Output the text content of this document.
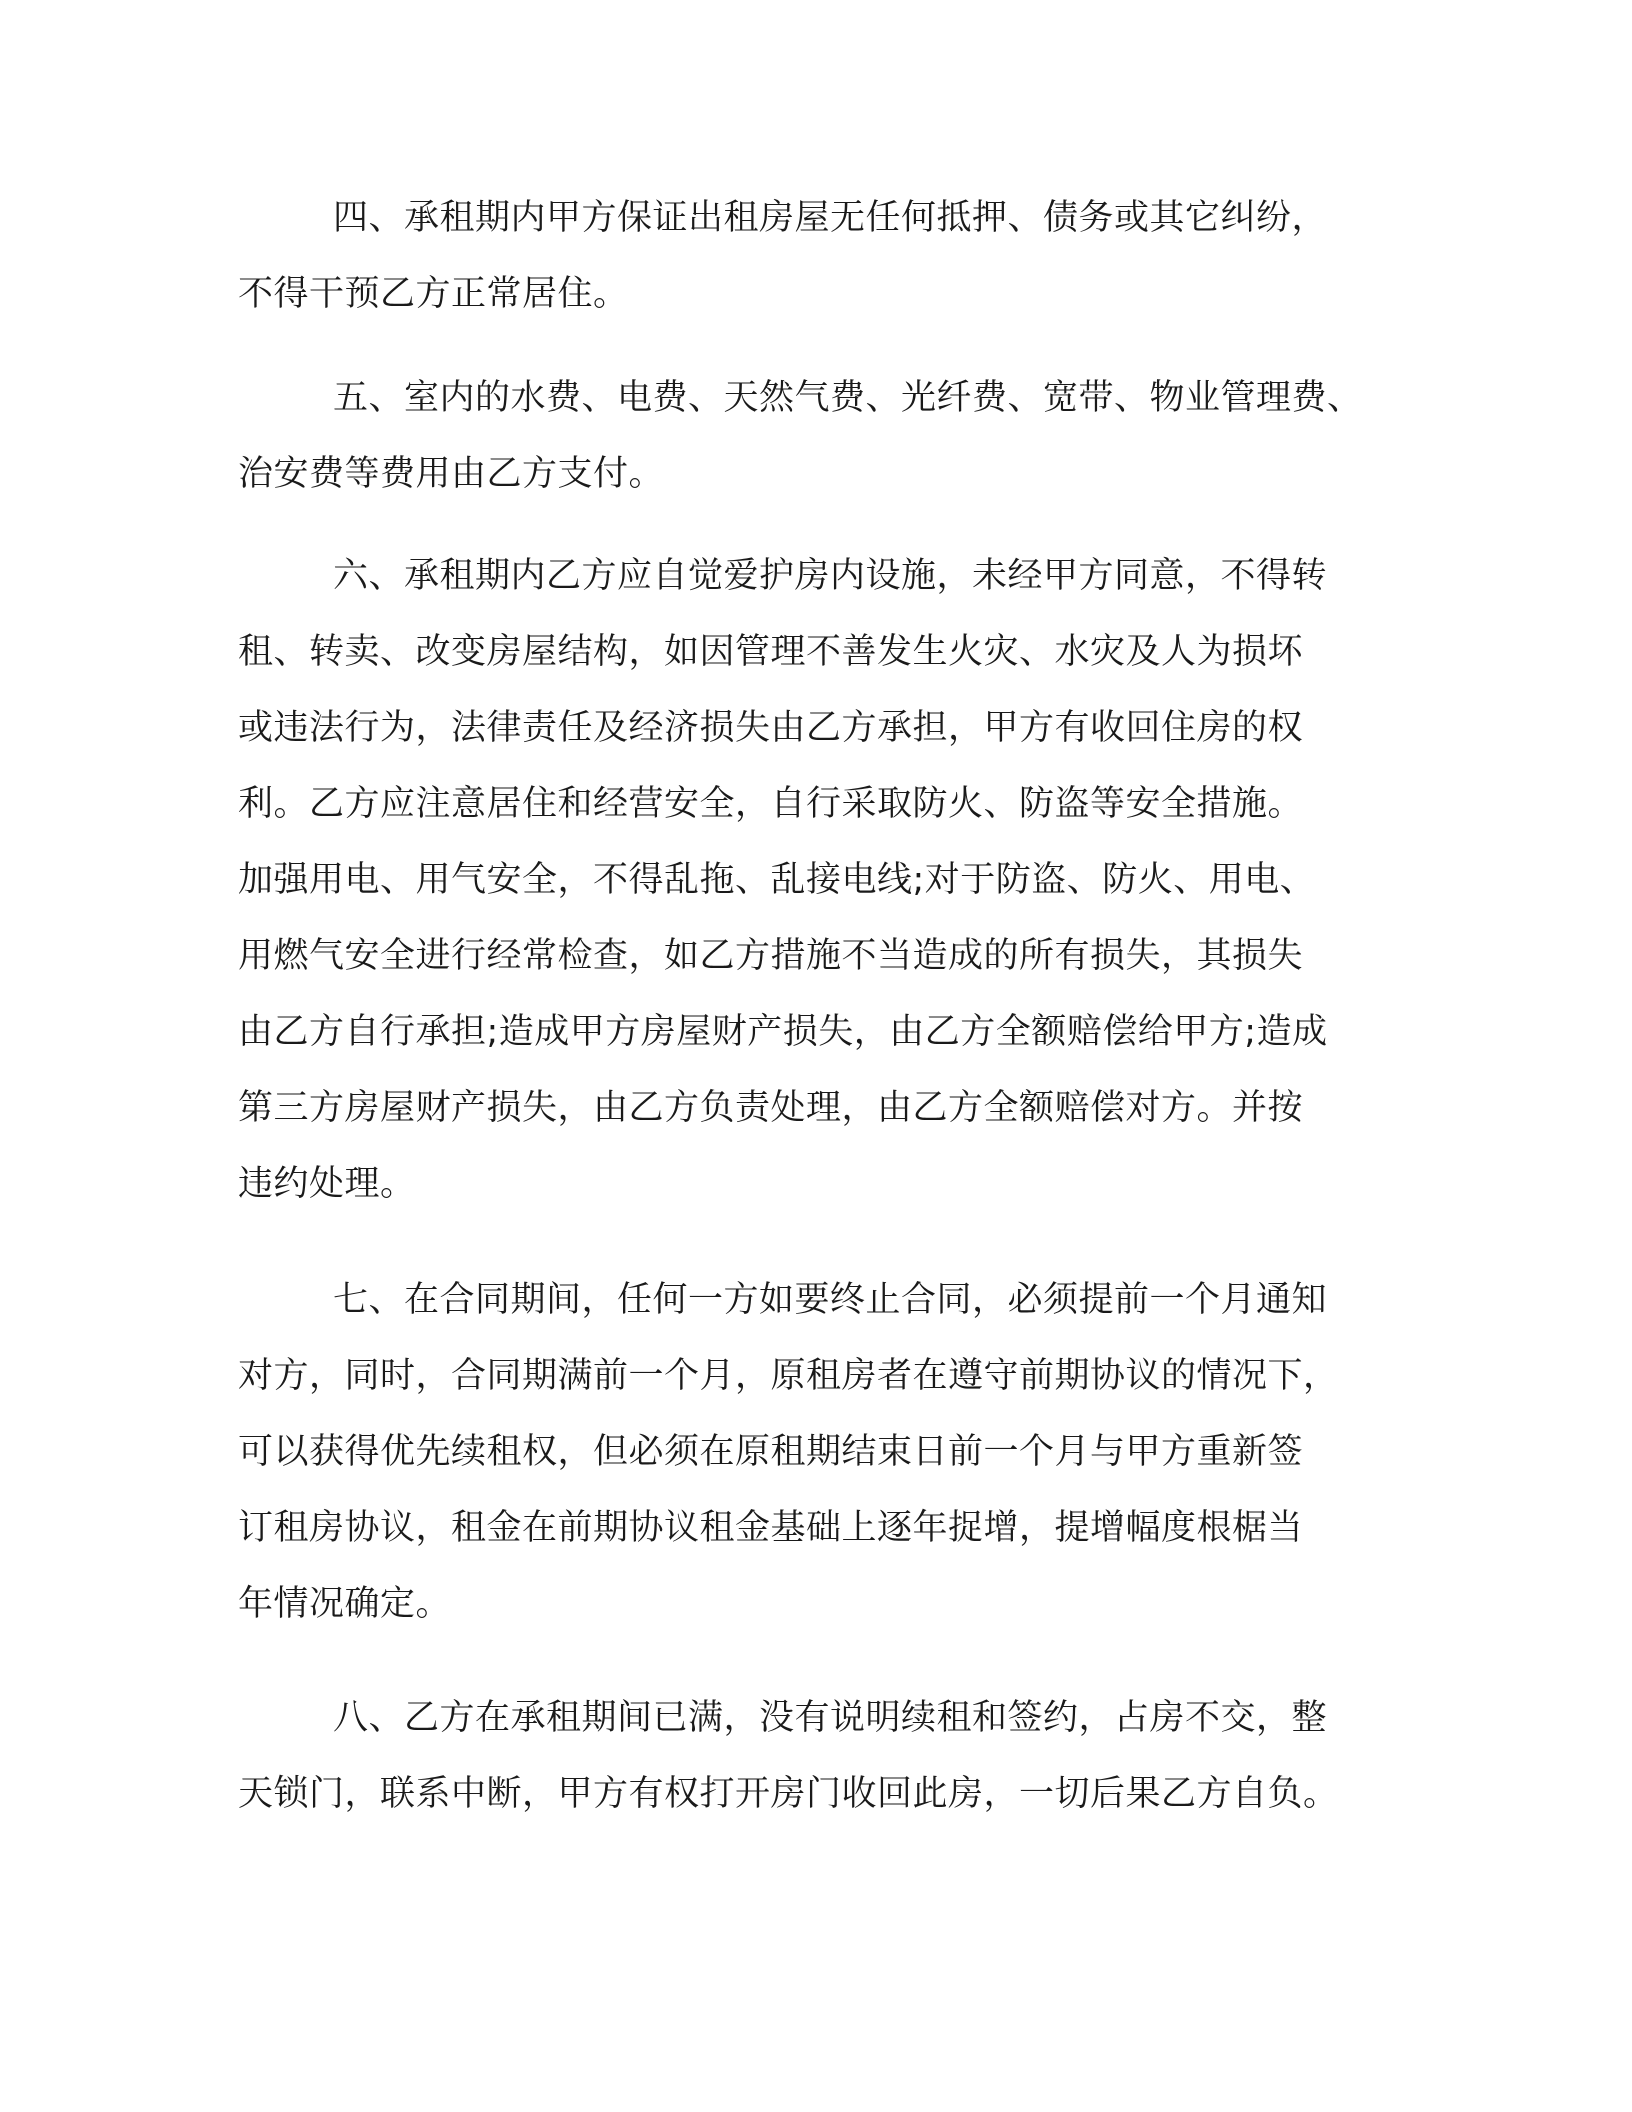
四、承租期内甲方保证出租房屋无任何抵押、债务或其它纠纷，
不得干预乙方正常居住。
五、室内的水费、电费、天然气费、光纤费、宽带、物业管理费、
治安费等费用由乙方支付。
六、承租期内乙方应自觉爱护房内设施，未经甲方同意，不得转
租、转卖、改变房屋结构，如因管理不善发生火灾、水灾及人为损坏
或违法行为，法律责任及经济损失由乙方承担，甲方有收回住房的权
利。乙方应注意居住和经营安全，自行采取防火、防盗等安全措施。
加强用电、用气安全，不得乱拖、乱接电线;对于防盗、防火、用电、
用燃气安全进行经常检查，如乙方措施不当造成的所有损失，其损失
由乙方自行承担;造成甲方房屋财产损失，由乙方全额赔偿给甲方;造成
第三方房屋财产损失，由乙方负责处理，由乙方全额赔偿对方。并按
违约处理。
七、在合同期间，任何一方如要终止合同，必须提前一个月通知
对方，同时，合同期满前一个月，原租房者在遵守前期协议的情况下，
可以获得优先续租权，但必须在原租期结束日前一个月与甲方重新签
订租房协议，租金在前期协议租金基础上逐年捉增，提增幅度根椐当
年情况确定。
八、乙方在承租期间已满，没有说明续租和签约，占房不交，整
天锁门，联系中断，甲方有权打开房门收回此房，一切后果乙方自负。
